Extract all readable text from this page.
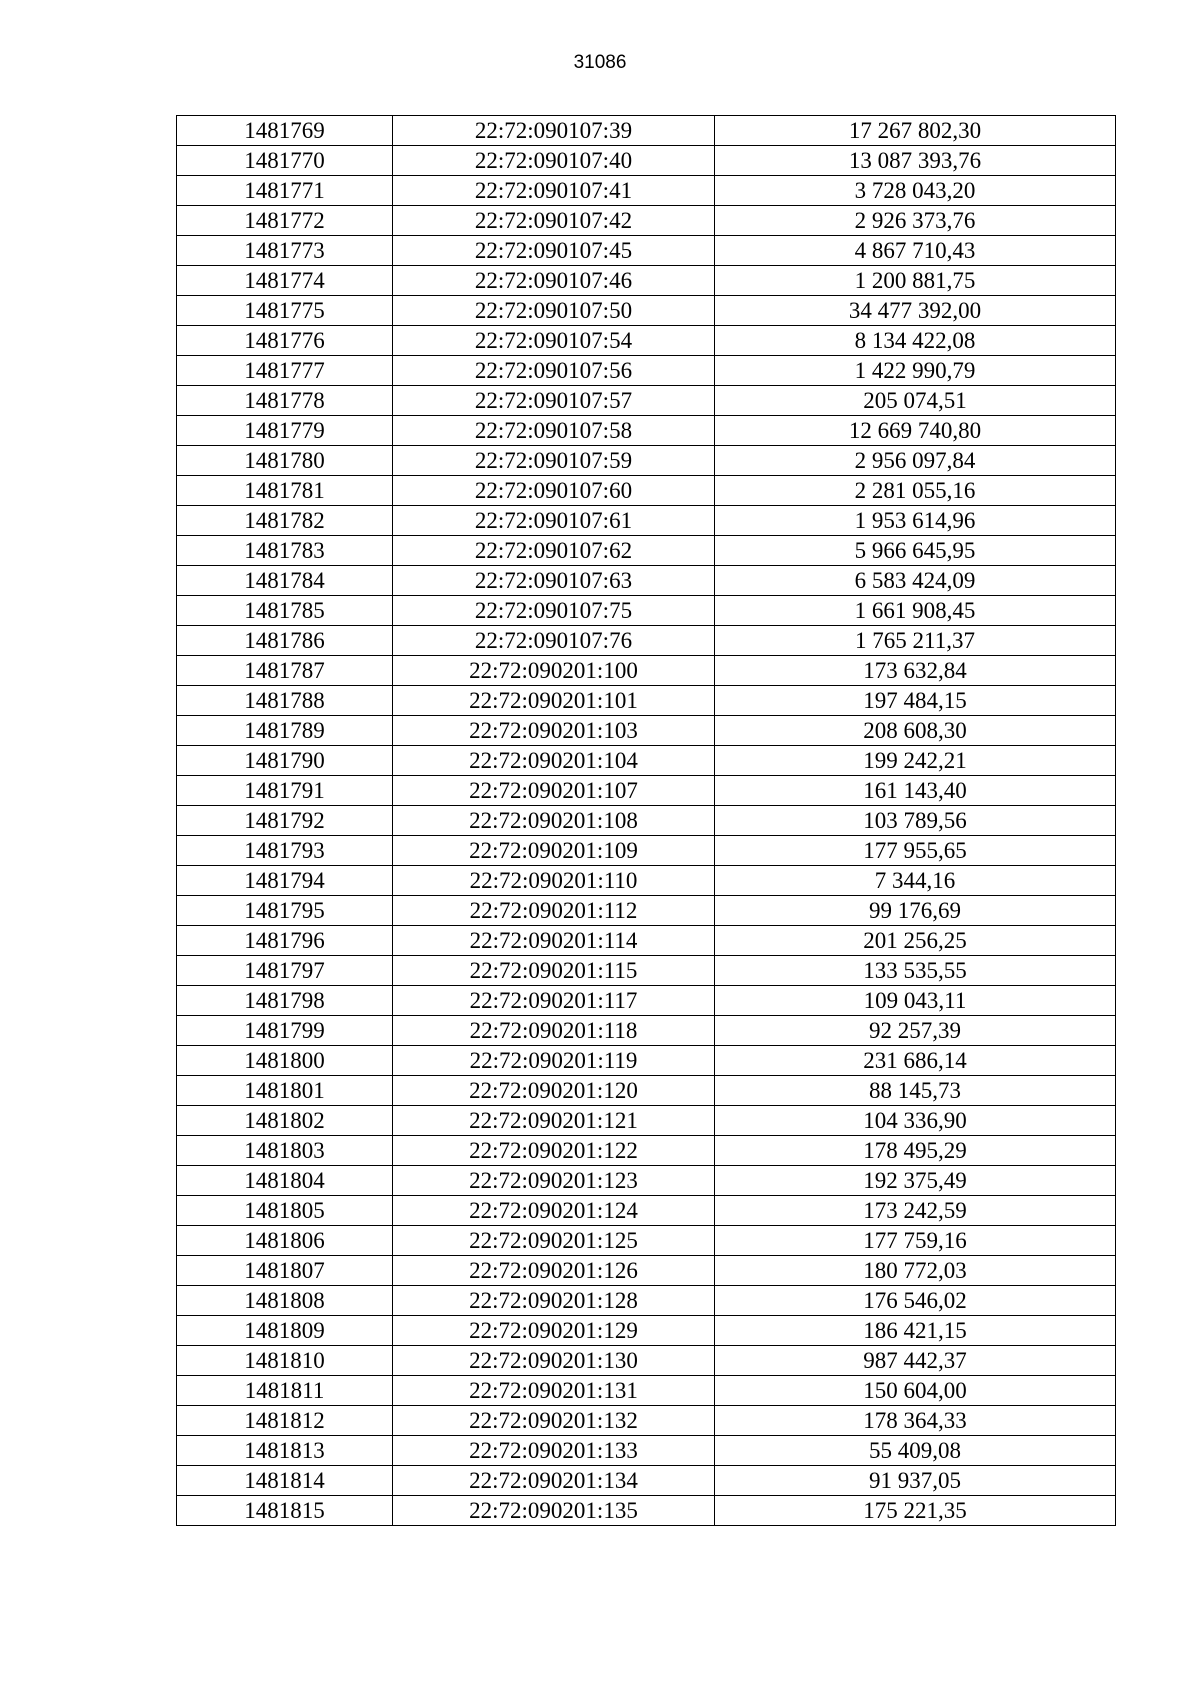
31086
1481769	22:72:090107:39	17 267 802,30
1481770	22:72:090107:40	13 087 393,76
1481771	22:72:090107:41	3 728 043,20
1481772	22:72:090107:42	2 926 373,76
1481773	22:72:090107:45	4 867 710,43
1481774	22:72:090107:46	1 200 881,75
1481775	22:72:090107:50	34 477 392,00
1481776	22:72:090107:54	8 134 422,08
1481777	22:72:090107:56	1 422 990,79
1481778	22:72:090107:57	205 074,51
1481779	22:72:090107:58	12 669 740,80
1481780	22:72:090107:59	2 956 097,84
1481781	22:72:090107:60	2 281 055,16
1481782	22:72:090107:61	1 953 614,96
1481783	22:72:090107:62	5 966 645,95
1481784	22:72:090107:63	6 583 424,09
1481785	22:72:090107:75	1 661 908,45
1481786	22:72:090107:76	1 765 211,37
1481787	22:72:090201:100	173 632,84
1481788	22:72:090201:101	197 484,15
1481789	22:72:090201:103	208 608,30
1481790	22:72:090201:104	199 242,21
1481791	22:72:090201:107	161 143,40
1481792	22:72:090201:108	103 789,56
1481793	22:72:090201:109	177 955,65
1481794	22:72:090201:110	7 344,16
1481795	22:72:090201:112	99 176,69
1481796	22:72:090201:114	201 256,25
1481797	22:72:090201:115	133 535,55
1481798	22:72:090201:117	109 043,11
1481799	22:72:090201:118	92 257,39
1481800	22:72:090201:119	231 686,14
1481801	22:72:090201:120	88 145,73
1481802	22:72:090201:121	104 336,90
1481803	22:72:090201:122	178 495,29
1481804	22:72:090201:123	192 375,49
1481805	22:72:090201:124	173 242,59
1481806	22:72:090201:125	177 759,16
1481807	22:72:090201:126	180 772,03
1481808	22:72:090201:128	176 546,02
1481809	22:72:090201:129	186 421,15
1481810	22:72:090201:130	987 442,37
1481811	22:72:090201:131	150 604,00
1481812	22:72:090201:132	178 364,33
1481813	22:72:090201:133	55 409,08
1481814	22:72:090201:134	91 937,05
1481815	22:72:090201:135	175 221,35
